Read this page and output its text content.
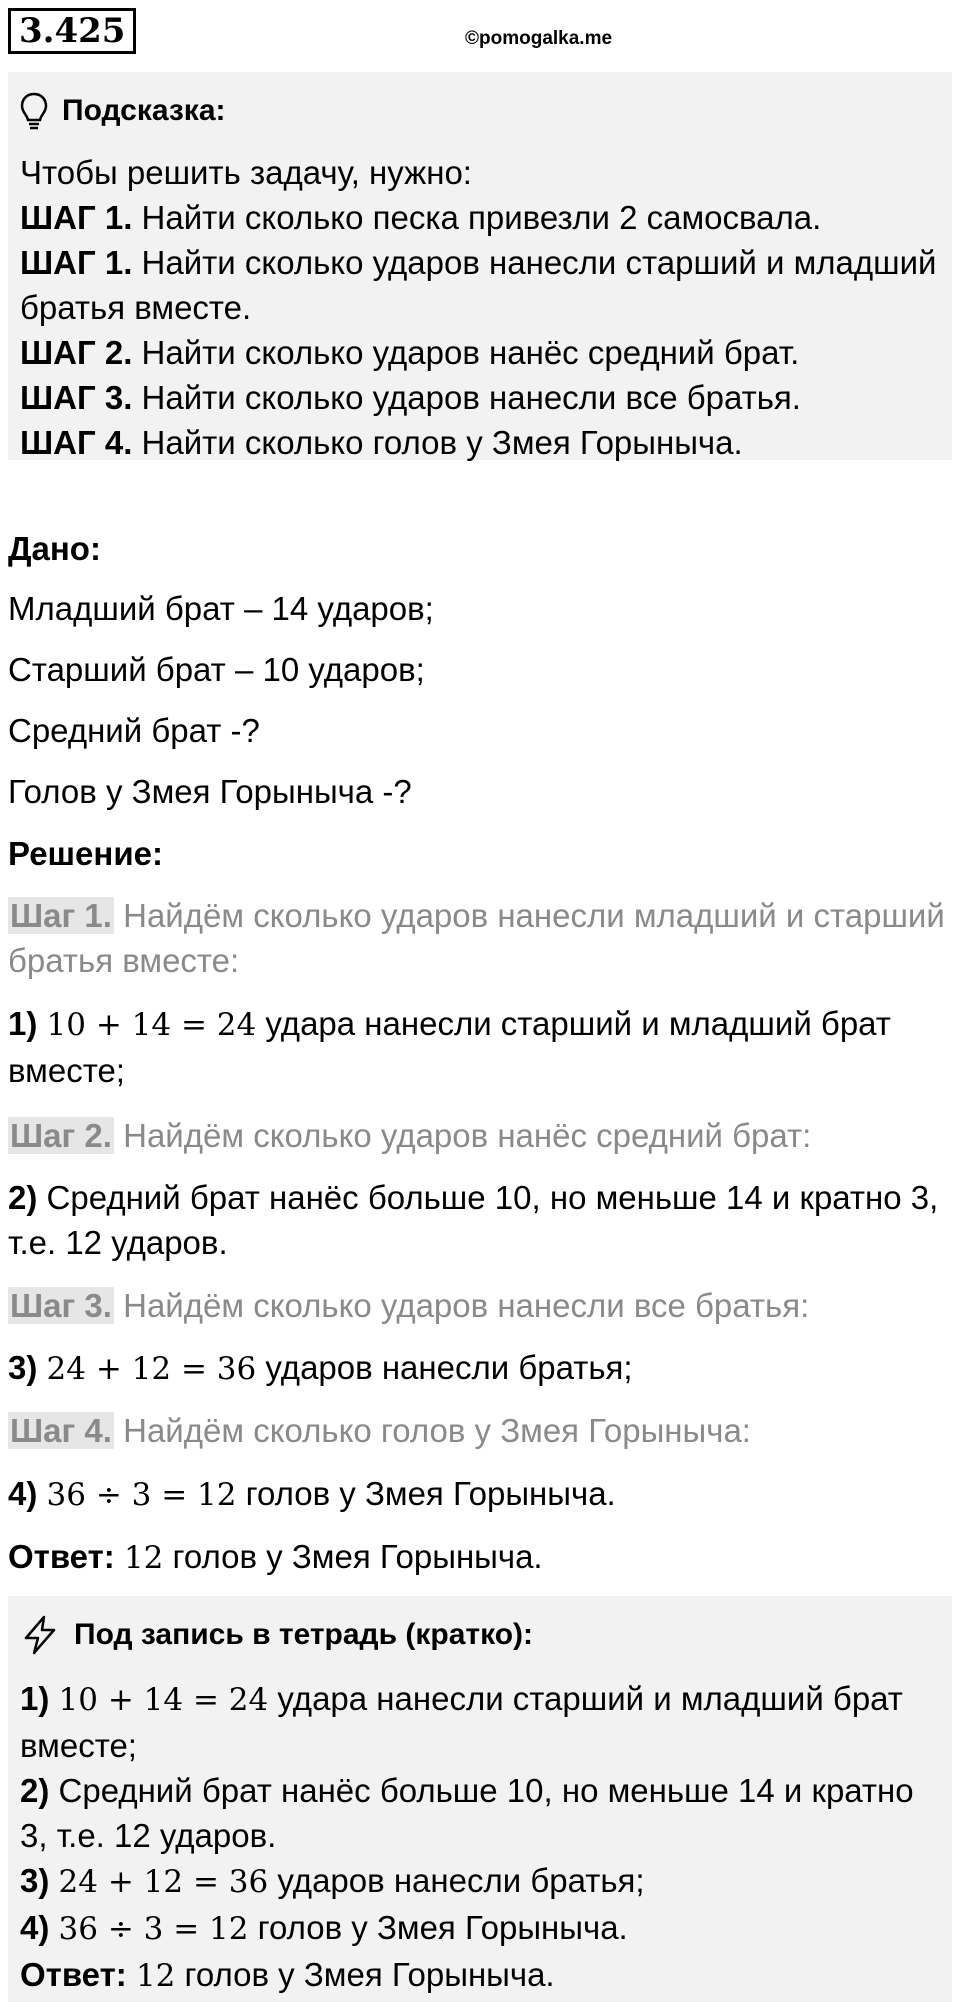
3.425	©pomogalka.me
Подсказка:
Чтобы решить задачу, нужно:
ШАГ 1. Найти сколько песка привезли 2 самосвала.
ШАГ 1. Найти сколько ударов нанесли старший и младший братья вместе.
ШАГ 2. Найти сколько ударов нанёс средний брат.
ШАГ 3. Найти сколько ударов нанесли все братья.
ШАГ 4. Найти сколько голов у Змея Горыныча.
Дано:
Младший брат – 14 ударов;
Старший брат – 10 ударов;
Средний брат -?
Голов у Змея Горыныча -?
Решение:
Шаг 1. Найдём сколько ударов нанесли младший и старший братья вместе:
1) 10 + 14 = 24 удара нанесли старший и младший брат вместе;
Шаг 2. Найдём сколько ударов нанёс средний брат:
2) Средний брат нанёс больше 10, но меньше 14 и кратно 3, т.е. 12 ударов.
Шаг 3. Найдём сколько ударов нанесли все братья:
3) 24 + 12 = 36 ударов нанесли братья;
Шаг 4. Найдём сколько голов у Змея Горыныча:
4) 36 ÷ 3 = 12 голов у Змея Горыныча.
Ответ: 12 голов у Змея Горыныча.
Под запись в тетрадь (кратко):
1) 10 + 14 = 24 удара нанесли старший и младший брат вместе;
2) Средний брат нанёс больше 10, но меньше 14 и кратно 3, т.е. 12 ударов.
3) 24 + 12 = 36 ударов нанесли братья;
4) 36 ÷ 3 = 12 голов у Змея Горыныча.
Ответ: 12 голов у Змея Горыныча.
